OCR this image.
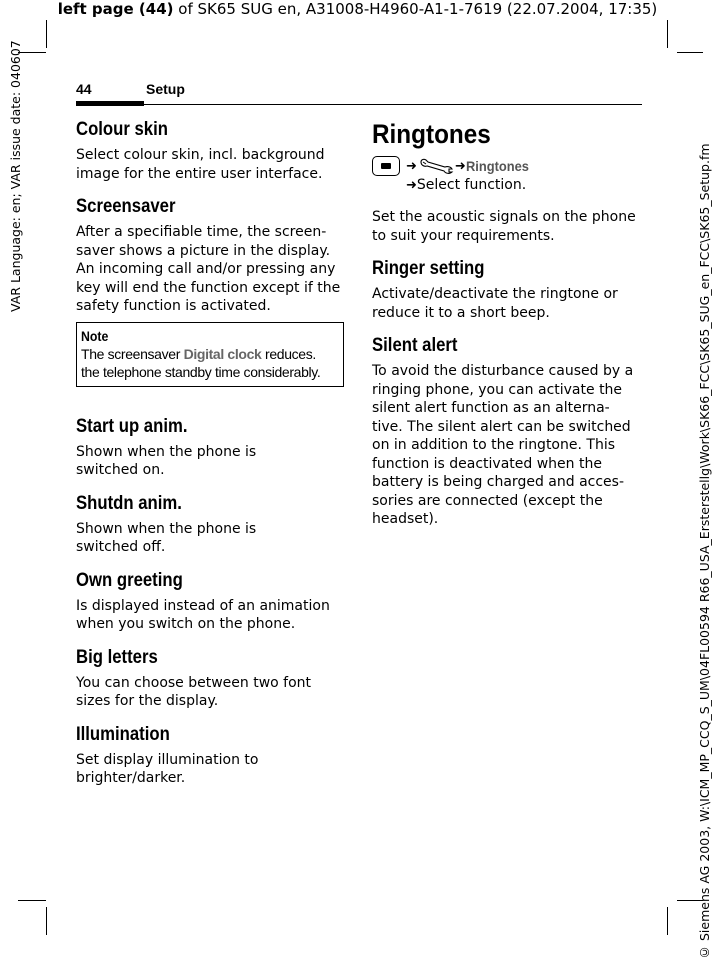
left page (44) of SK65 SUG en, A31008-H4960-A1-1-7619 (22.07.2004, 17:35)
VAR Language: en; VAR issue date: 040607	© Siemens AG 2003, W:\ICM_MP_CCQ_S_UM\04FL00594 R66_USA_Ersterstellg\Work\SK66_FCC\SK65_SUG_en_FCC\SK65_Setup.fm
44	Setup
Colour skin

Select colour skin, incl. background image for the entire user interface.

Screensaver

After a specifiable time, the screen-saver shows a picture in the display. An incoming call and/or pressing any key will end the function except if the safety function is activated.

Note
The screensaver Digital clock reduces.
the telephone standby time considerably.
Start up anim.

Shown when the phone is switched on.

Shutdn anim.

Shown when the phone is switched off.

Own greeting

Is displayed instead of an animation when you switch on the phone.

Big letters

You can choose between two font sizes for the display.

Illumination

Set display illumination to brighter/darker.

Ringtones
➜	➜ Ringtones
➜ Select function.

Set the acoustic signals on the phone to suit your requirements.

Ringer setting

Activate/deactivate the ringtone or reduce it to a short beep.

Silent alert

To avoid the disturbance caused by a ringing phone, you can activate the silent alert function as an alterna-tive. The silent alert can be switched on in addition to the ringtone. This function is deactivated when the battery is being charged and acces-sories are connected (except the headset).
